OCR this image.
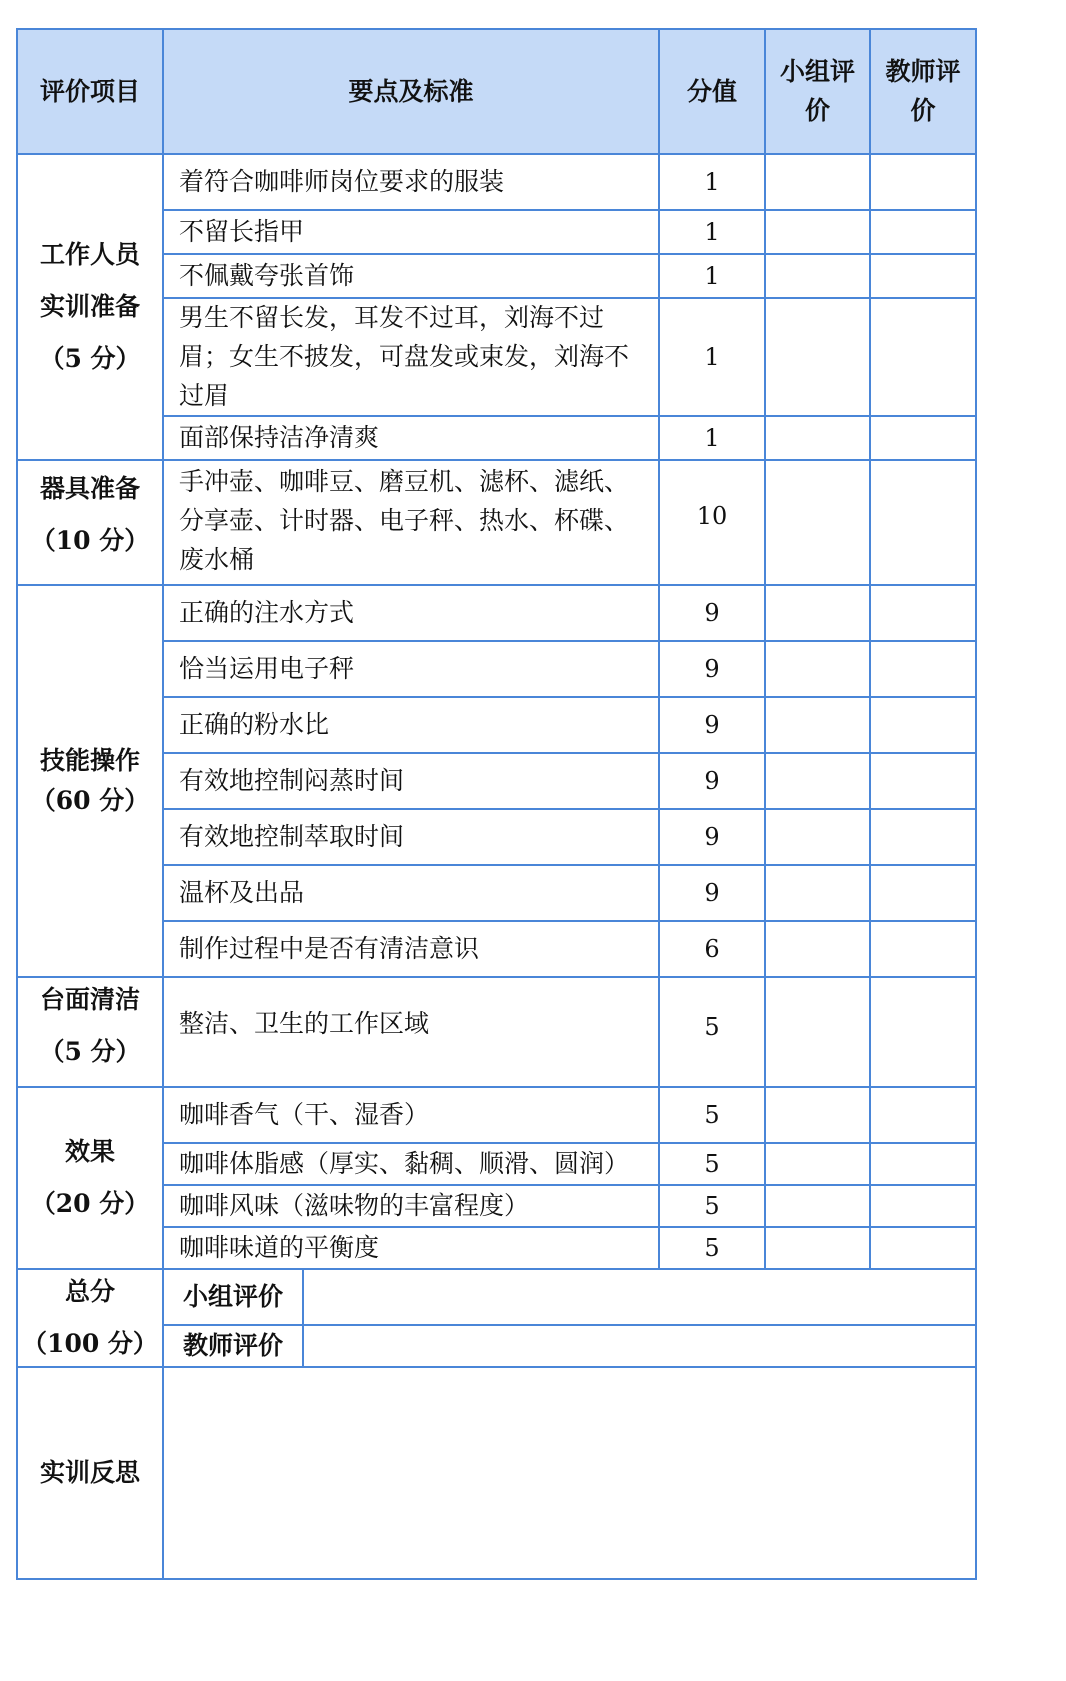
评价项目	要点及标准		分值	小组评价	教师评价

工作人员
实训准备
（5 分）	着符合咖啡师岗位要求的服装		1		
	不留长指甲		1		
	不佩戴夸张首饰		1		
	男生不留长发，耳发不过耳，刘海不过眉；女生不披发，可盘发或束发，刘海不过眉		1		
	面部保持洁净清爽		1		

器具准备
（10 分）	手冲壶、咖啡豆、磨豆机、滤杯、滤纸、分享壶、计时器、电子秤、热水、杯碟、废水桶		10		

技能操作
（60 分）	正确的注水方式		9		
	恰当运用电子秤		9		
	正确的粉水比		9		
	有效地控制闷蒸时间		9		
	有效地控制萃取时间		9		
	温杯及出品		9		
	制作过程中是否有清洁意识		6		

台面清洁
（5 分）	整洁、卫生的工作区域		5		

效果
（20 分）	咖啡香气（干、湿香）		5		
	咖啡体脂感（厚实、黏稠、顺滑、圆润）		5		
	咖啡风味（滋味物的丰富程度）		5		
	咖啡味道的平衡度		5		

总分
（100 分）	小组评价				
	教师评价				
实训反思					
